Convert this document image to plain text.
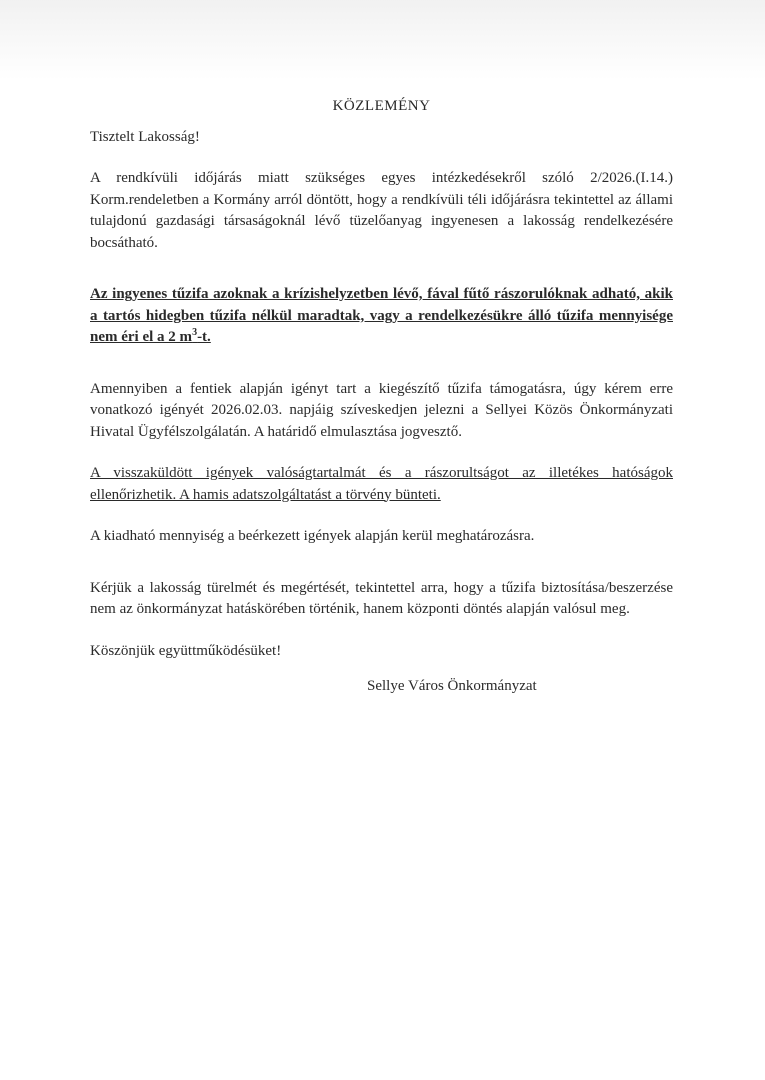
KÖZLEMÉNY

Tisztelt Lakosság!

A rendkívüli időjárás miatt szükséges egyes intézkedésekről szóló 2/2026.(I.14.) Korm.rendeletben a Kormány arról döntött, hogy a rendkívüli téli időjárásra tekintettel az állami tulajdonú gazdasági társaságoknál lévő tüzelőanyag ingyenesen a lakosság rendelkezésére bocsátható.

Az ingyenes tűzifa azoknak a krízishelyzetben lévő, fával fűtő rászorulóknak adható, akik a tartós hidegben tűzifa nélkül maradtak, vagy a rendelkezésükre álló tűzifa mennyisége nem éri el a 2 $m^3-t$.

Amennyiben a fentiek alapján igényt tart a kiegészítő tűzifa támogatásra, úgy kérem erre vonatkozó igényét 2026.02.03. napjáig szíveskedjen jelezni a Sellyei Közös Önkormányzati Hivatal Ügyfélszolgálatán. A határidő elmulasztása jogvesztő.

A visszaküldött igények valóságtartalmát és a rászorultságot az illetékes hatóságok ellenőrizhetik. A hamis adatszolgáltatást a törvény bünteti.

A kiadható mennyiség a beérkezett igények alapján kerül meghatározásra.

Kérjük a lakosság türelmét és megértését, tekintettel arra, hogy a tűzifa biztosítása/beszerzése nem az önkormányzat hatáskörében történik, hanem központi döntés alapján valósul meg.

Köszönjük együttműködésüket!

Sellye Város Önkormányzat
